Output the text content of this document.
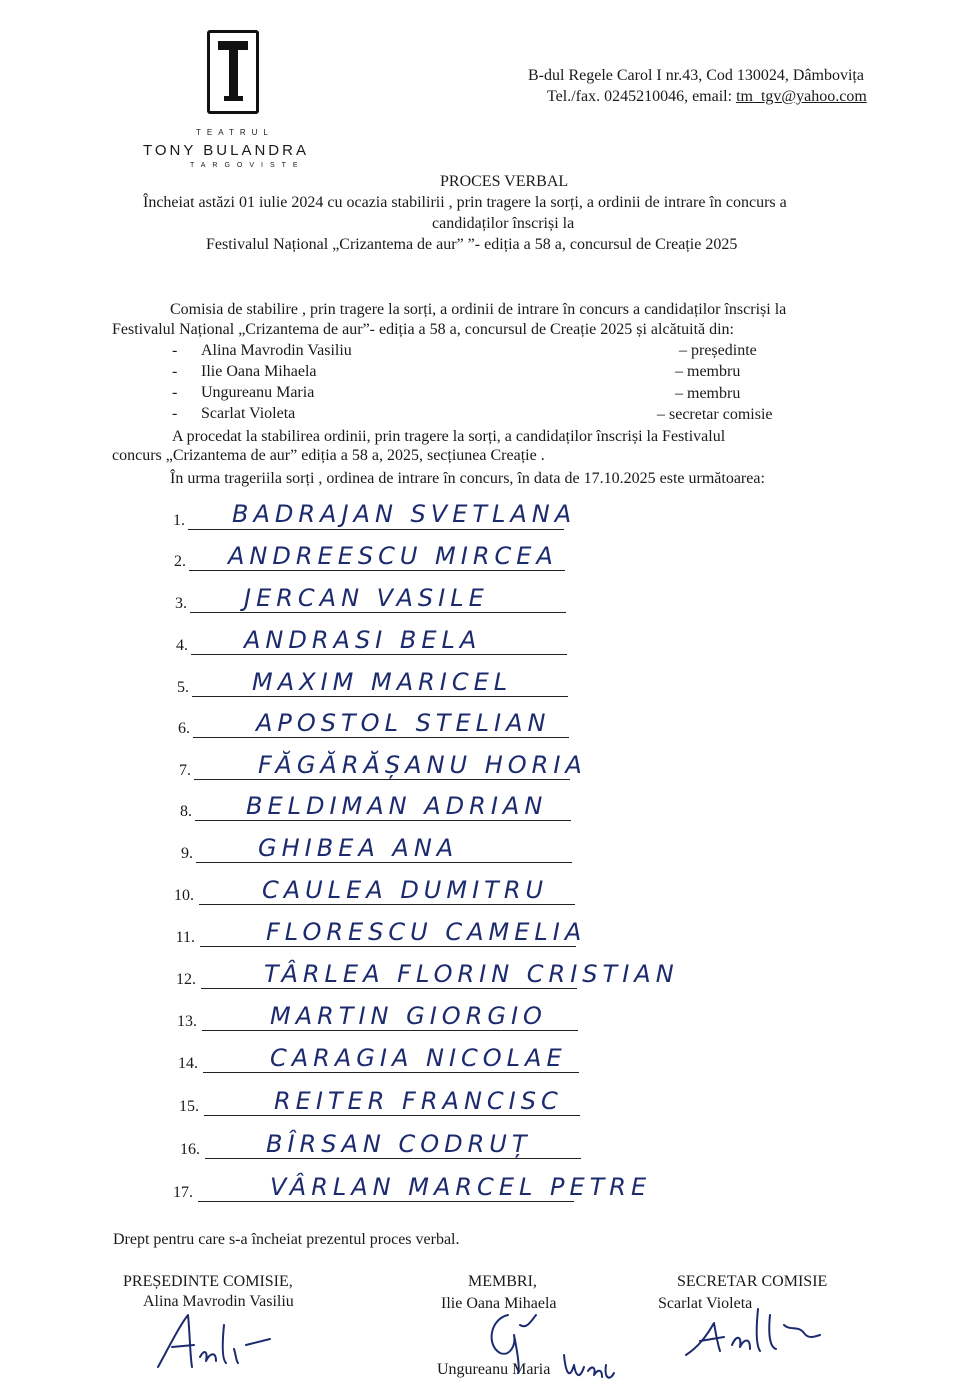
TEATRUL
TONY BULANDRA
TARGOVISTE
B-dul Regele Carol I nr.43, Cod 130024, Dâmbovița
Tel./fax. 0245210046, email: tm_tgv@yahoo.com
PROCES VERBAL
Încheiat astăzi 01 iulie 2024 cu ocazia stabilirii , prin tragere la sorți, a ordinii de intrare în concurs a
candidaților înscriși la
Festivalul Național „Crizantema de aur” ”- ediția a 58 a, concursul de Creație 2025
Comisia de stabilire , prin tragere la sorți, a ordinii de intrare în concurs a candidaților înscriși la
Festivalul Național „Crizantema de aur”- ediția a 58 a, concursul de Creație 2025 și alcătuită din:
- Alina Mavrodin Vasiliu	– președinte
- Ilie Oana Mihaela	– membru
- Ungureanu Maria	– membru
- Scarlat Violeta	– secretar comisie
A procedat la stabilirea ordinii, prin tragere la sorți, a candidaților înscriși la Festivalul
concurs „Crizantema de aur” ediția a 58 a, 2025, secțiunea Creație .
În urma trageriila sorți , ordinea de intrare în concurs, în data de 17.10.2025 este următoarea:
1. BADRAJAN SVETLANA
2. ANDREESCU MIRCEA
3. JERCAN VASILE
4. ANDRASI BELA
5.	MAXIM MARICEL
6.	APOSTOL STELIAN
7.	FĂGĂRĂȘANU HORIA
8. BELDIMAN ADRIAN
9.	GHIBEA ANA
10.	CAULEA DUMITRU
11.	FLORESCU CAMELIA
12.	TÂRLEA FLORIN CRISTIAN
13.	MARTIN GIORGIO
14.	CARAGIA NICOLAE
15.	REITER FRANCISC
16.	BÎRSAN CODRUȚ
17.	VÂRLAN MARCEL PETRE
Drept pentru care s-a încheiat prezentul proces verbal.
PREȘEDINTE COMISIE,
Alina Mavrodin Vasiliu
MEMBRI,
Ilie Oana Mihaela
Ungureanu Maria
SECRETAR COMISIE
Scarlat Violeta
